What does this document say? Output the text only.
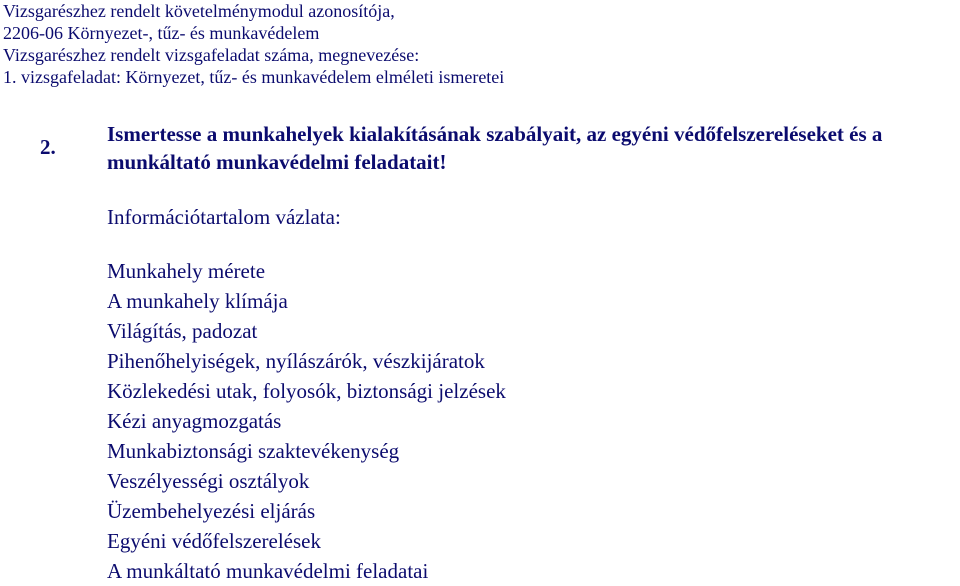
Vizsgarészhez rendelt követelménymodul azonosítója,
2206-06 Környezet-, tűz- és munkavédelem
Vizsgarészhez rendelt vizsgafeladat száma, megnevezése:
1. vizsgafeladat: Környezet, tűz- és munkavédelem elméleti ismeretei
2.
Ismertesse a munkahelyek kialakításának szabályait, az egyéni védőfelszereléseket és a munkáltató munkavédelmi feladatait!
Információtartalom vázlata:
Munkahely mérete
A munkahely klímája
Világítás, padozat
Pihenőhelyiségek, nyílászárók, vészkijáratok
Közlekedési utak, folyosók, biztonsági jelzések
Kézi anyagmozgatás
Munkabiztonsági szaktevékenység
Veszélyességi osztályok
Üzembehelyezési eljárás
Egyéni védőfelszerelések
A munkáltató munkavédelmi feladatai
